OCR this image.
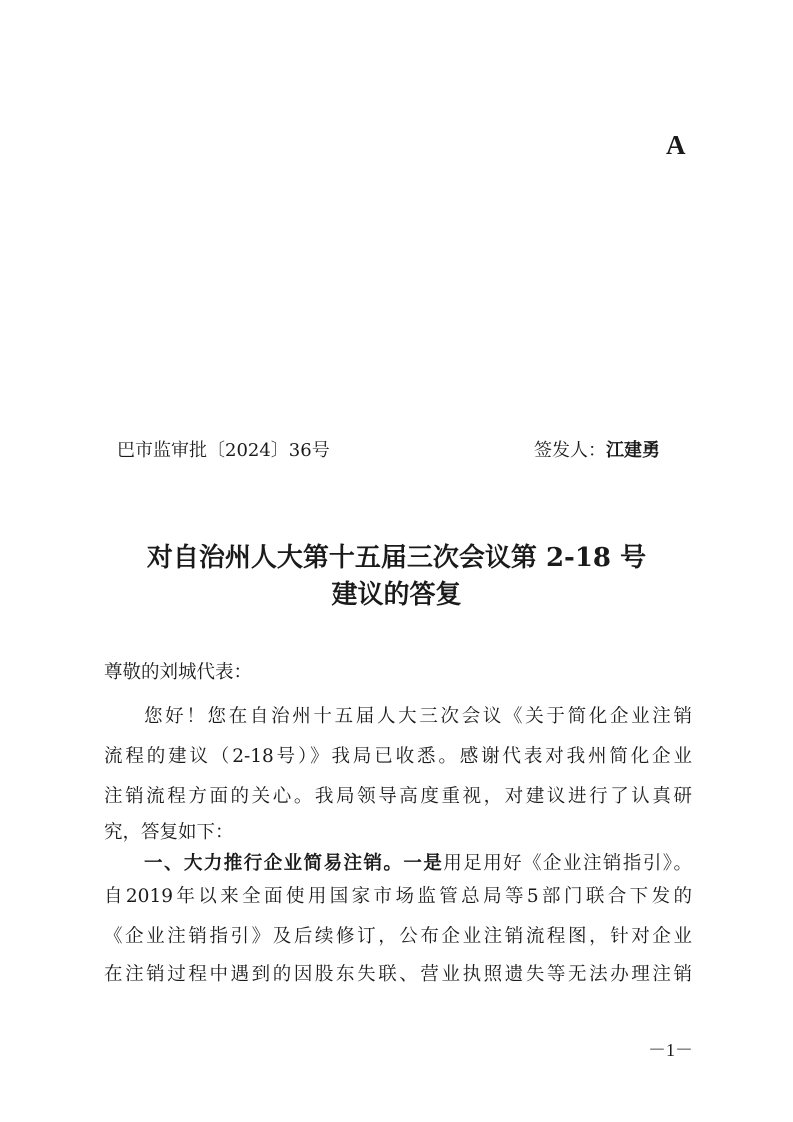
A
巴市监审批〔2024〕36号	签发人：江建勇
对自治州人大第十五届三次会议第 2-18 号
建议的答复
尊敬的刘城代表：
您好！您在自治州十五届人大三次会议《关于简化企业注销
流程的建议（2-18号）》我局已收悉。感谢代表对我州简化企业
注销流程方面的关心。我局领导高度重视，对建议进行了认真研
究，答复如下：
一、大力推行企业简易注销。一是用足用好《企业注销指引》。
自2019年以来全面使用国家市场监管总局等5部门联合下发的
《企业注销指引》及后续修订，公布企业注销流程图，针对企业
在注销过程中遇到的因股东失联、营业执照遗失等无法办理注销
－1－
